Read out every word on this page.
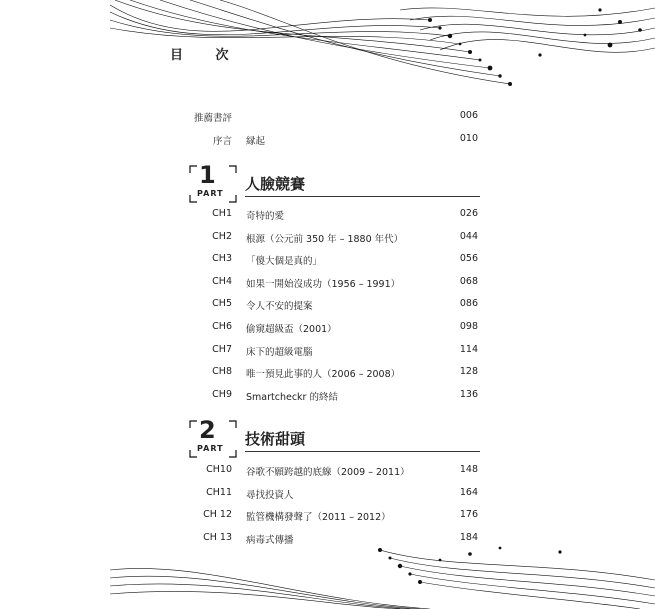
目 次
推薦書評	006
序言 縁起	010
1
PART
人臉競賽
CH1 奇特的愛	026
CH2 根源（公元前 350 年 – 1880 年代）	044
CH3 「傻大個是真的」	056
CH4 如果一開始沒成功（1956 – 1991）	068
CH5 令人不安的提案	086
CH6 偷窺超級盃（2001）	098
CH7 床下的超級電腦	114
CH8 唯一預見此事的人（2006 – 2008）	128
CH9 Smartcheckr 的終結	136
2
PART
技術甜頭
CH10 谷歌不願跨越的底線（2009 – 2011）	148
CH11 尋找投資人	164
CH 12 監管機構發聲了（2011 – 2012）	176
CH 13 病毒式傳播	184
